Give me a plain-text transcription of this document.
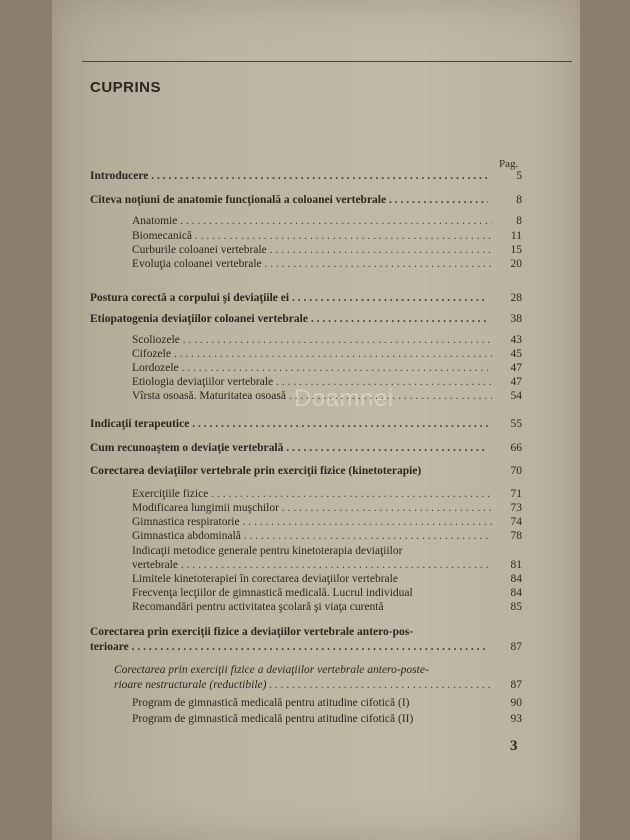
CUPRINS
Pag.
Doamnei
Introducere . . .	5
Cîteva noţiuni de anatomie funcţională a coloanei vertebrale . . .	8
Anatomie . . .	8
Biomecanică . . .	11
Curburile coloanei vertebrale . . .	15
Evoluţia coloanei vertebrale . . .	20
Postura corectă a corpului şi deviaţiile ei . . .	28
Etiopatogenia deviaţiilor coloanei vertebrale . . .	38
Scoliozele . . .	43
Cifozele . . .	45
Lordozele . . .	47
Etiologia deviaţiilor vertebrale . . .	47
Vîrsta osoasă. Maturitatea osoasă . . .	54
Indicaţii terapeutice . . .	55
Cum recunoaştem o deviaţie vertebrală . . .	66
Corectarea deviaţiilor vertebrale prin exerciţii fizice (kinetoterapie)	70
Exerciţiile fizice . . .	71
Modificarea lungimii muşchilor . . .	73
Gimnastica respiratorie . . .	74
Gimnastica abdominală . . .	78
Indicaţii metodice generale pentru kinetoterapia deviaţiilor
vertebrale . . .	81
Limitele kinetoterapiei în corectarea deviaţiilor vertebrale	84
Frecvenţa lecţiilor de gimnastică medicală. Lucrul individual	84
Recomandări pentru activitatea şcolară şi viaţa curentă	85
Corectarea prin exerciţii fizice a deviaţiilor vertebrale antero-pos-
terioare . . .	87
Corectarea prin exerciţii fizice a deviaţiilor vertebrale antero-poste-
rioare nestructurale (reductibile) . . .	87
Program de gimnastică medicală pentru atitudine cifotică (I)	90
Program de gimnastică medicală pentru atitudine cifotică (II)	93
3
